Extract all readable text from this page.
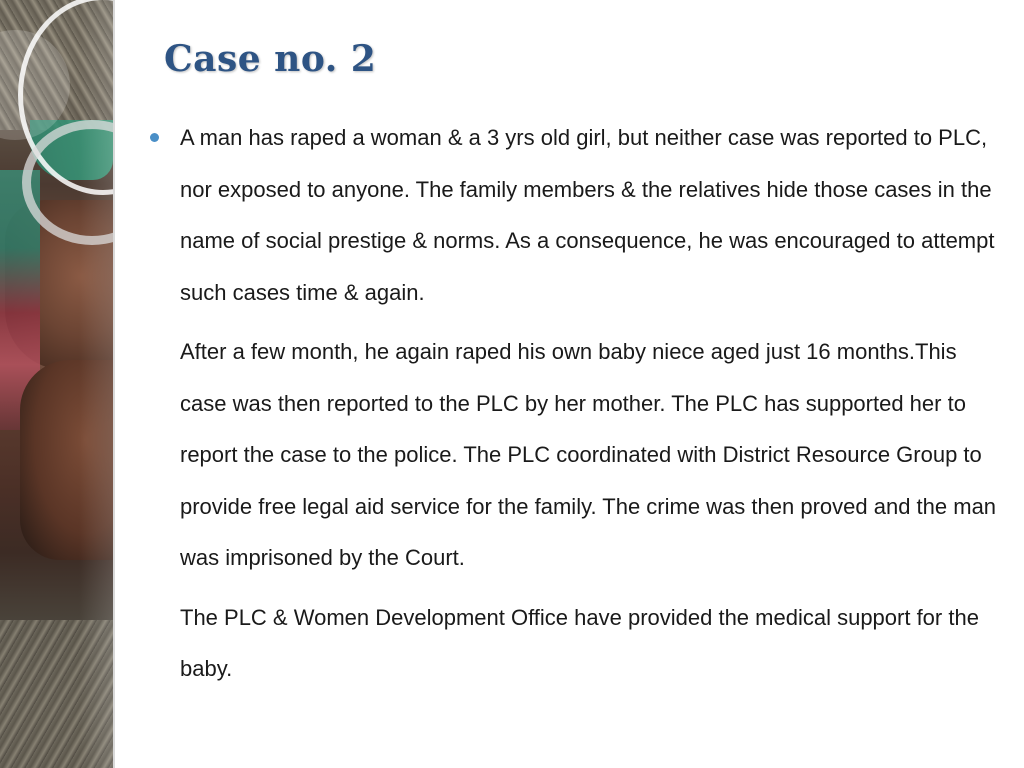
Case no. 2

A man has raped a woman & a 3 yrs old girl, but neither case was reported to PLC, nor exposed to anyone. The family members & the relatives hide those cases in the name of social prestige & norms. As a consequence, he was encouraged to attempt such cases time & again.

After a few month, he again raped his own baby niece aged just 16 months.This case was then reported to the PLC by her mother. The PLC has supported her to report the case to the police. The PLC coordinated with District Resource Group to provide free legal aid service for the family. The crime was then proved and the man was imprisoned by the Court.

The PLC & Women Development Office have provided the medical support for the baby.
